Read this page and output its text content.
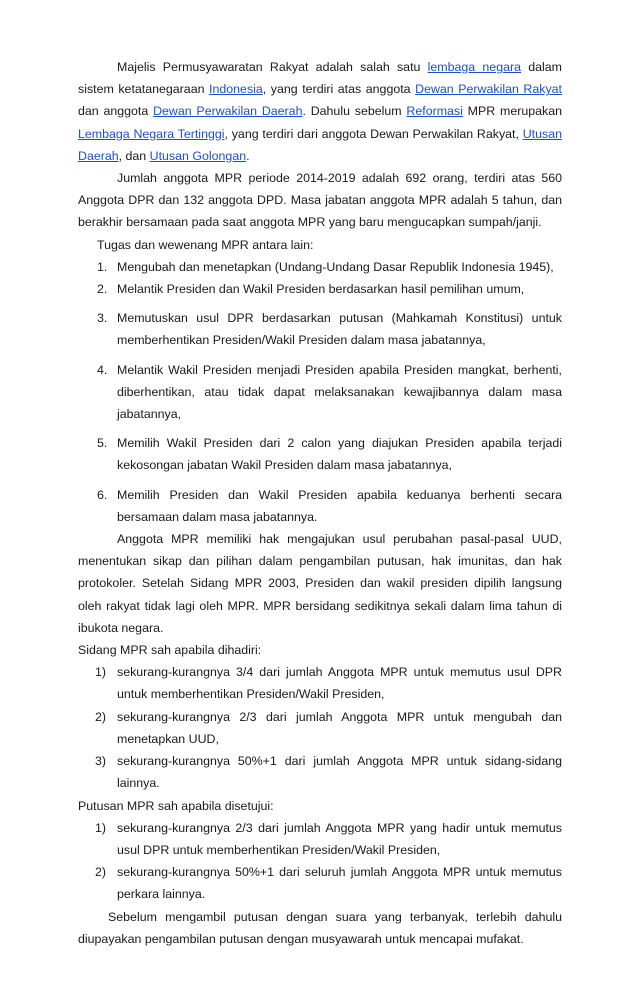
Majelis Permusyawaratan Rakyat adalah salah satu lembaga negara dalam sistem ketatanegaraan Indonesia, yang terdiri atas anggota Dewan Perwakilan Rakyat dan anggota Dewan Perwakilan Daerah. Dahulu sebelum Reformasi MPR merupakan Lembaga Negara Tertinggi, yang terdiri dari anggota Dewan Perwakilan Rakyat, Utusan Daerah, dan Utusan Golongan.

Jumlah anggota MPR periode 2014-2019 adalah 692 orang, terdiri atas 560 Anggota DPR dan 132 anggota DPD. Masa jabatan anggota MPR adalah 5 tahun, dan berakhir bersamaan pada saat anggota MPR yang baru mengucapkan sumpah/janji.

Tugas dan wewenang MPR antara lain:

1. Mengubah dan menetapkan (Undang-Undang Dasar Republik Indonesia 1945),
2. Melantik Presiden dan Wakil Presiden berdasarkan hasil pemilihan umum,
3. Memutuskan usul DPR berdasarkan putusan (Mahkamah Konstitusi) untuk memberhentikan Presiden/Wakil Presiden dalam masa jabatannya,
4. Melantik Wakil Presiden menjadi Presiden apabila Presiden mangkat, berhenti, diberhentikan, atau tidak dapat melaksanakan kewajibannya dalam masa jabatannya,
5. Memilih Wakil Presiden dari 2 calon yang diajukan Presiden apabila terjadi kekosongan jabatan Wakil Presiden dalam masa jabatannya,
6. Memilih Presiden dan Wakil Presiden apabila keduanya berhenti secara bersamaan dalam masa jabatannya.

Anggota MPR memiliki hak mengajukan usul perubahan pasal-pasal UUD, menentukan sikap dan pilihan dalam pengambilan putusan, hak imunitas, dan hak protokoler. Setelah Sidang MPR 2003, Presiden dan wakil presiden dipilih langsung oleh rakyat tidak lagi oleh MPR. MPR bersidang sedikitnya sekali dalam lima tahun di ibukota negara.

Sidang MPR sah apabila dihadiri:

1) sekurang-kurangnya 3/4 dari jumlah Anggota MPR untuk memutus usul DPR untuk memberhentikan Presiden/Wakil Presiden,
2) sekurang-kurangnya 2/3 dari jumlah Anggota MPR untuk mengubah dan menetapkan UUD,
3) sekurang-kurangnya 50%+1 dari jumlah Anggota MPR untuk sidang-sidang lainnya.

Putusan MPR sah apabila disetujui:

1) sekurang-kurangnya 2/3 dari jumlah Anggota MPR yang hadir untuk memutus usul DPR untuk memberhentikan Presiden/Wakil Presiden,
2) sekurang-kurangnya 50%+1 dari seluruh jumlah Anggota MPR untuk memutus perkara lainnya.

Sebelum mengambil putusan dengan suara yang terbanyak, terlebih dahulu diupayakan pengambilan putusan dengan musyawarah untuk mencapai mufakat.
